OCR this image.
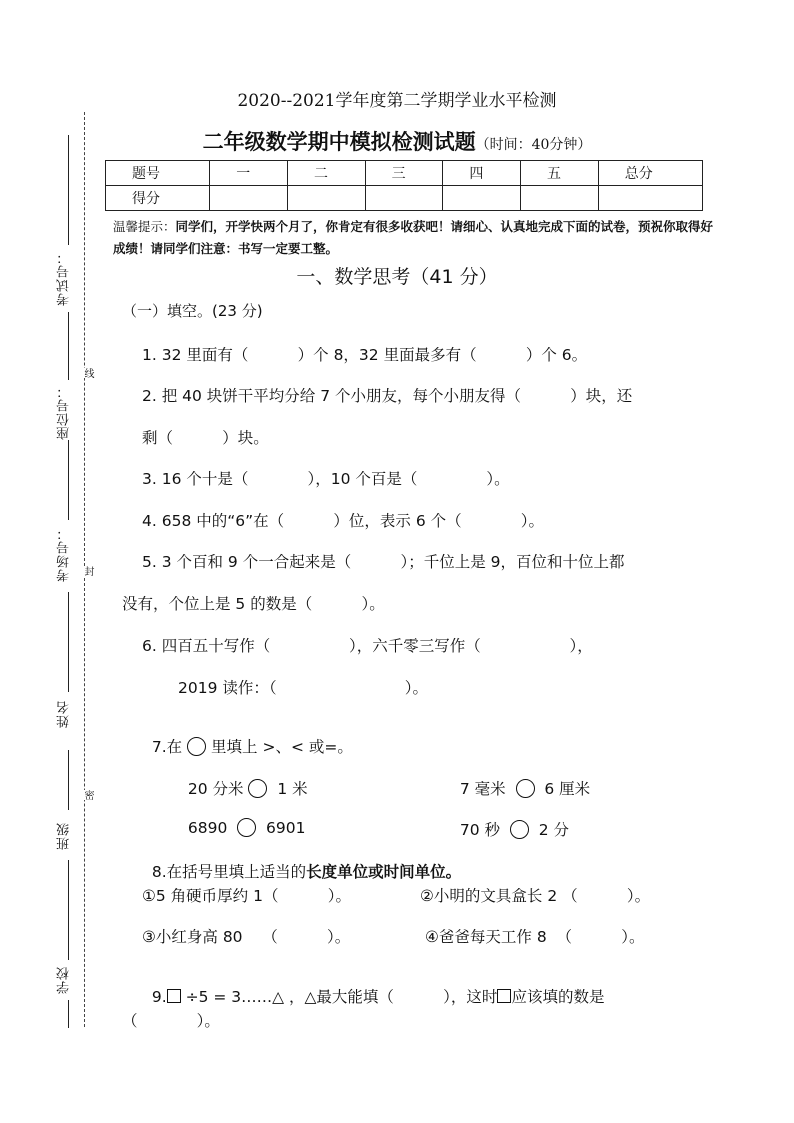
考试号：
座位号：
考场号：
姓名
班级
学校
线
封
密
2020--2021学年度第二学期学业水平检测
二年级数学期中模拟检测试题（时间：40分钟）
题号	一	二	三	四	五	总分
得分						
温馨提示：同学们，开学快两个月了，你肯定有很多收获吧！请细心、认真地完成下面的试卷，预祝你取得好成绩！请同学们注意：书写一定要工整。
一、数学思考（41 分）
（一）填空。(23 分)
1. 32 里面有（          ）个 8，32 里面最多有（          ）个 6。
2. 把 40 块饼干平均分给 7 个小朋友，每个小朋友得（          ）块，还
剩（          ）块。
3. 16 个十是（            ），10 个百是（              ）。
4. 658 中的“6”在（          ）位，表示 6 个（            ）。
5. 3 个百和 9 个一合起来是（          ）；千位上是 9，百位和十位上都
没有，个位上是 5 的数是（          ）。
6. 四百五十写作（                ），六千零三写作（                  ），
2019 读作：（                          ）。

7.在 里填上 >、< 或=。

20 分米 1 米	7 毫米 6 厘米

6890 6901	70 秒 2 分

8.在括号里填上适当的长度单位或时间单位。

①5 角硬币厚约 1（          ）。	②小明的文具盒长 2 （          ）。
③小红身高 80    （          ）。	④爸爸每天工作 8  （          ）。

9. ÷5 = 3……△ ，△最大能填（          ），这时 应该填的数是

（            ）。
